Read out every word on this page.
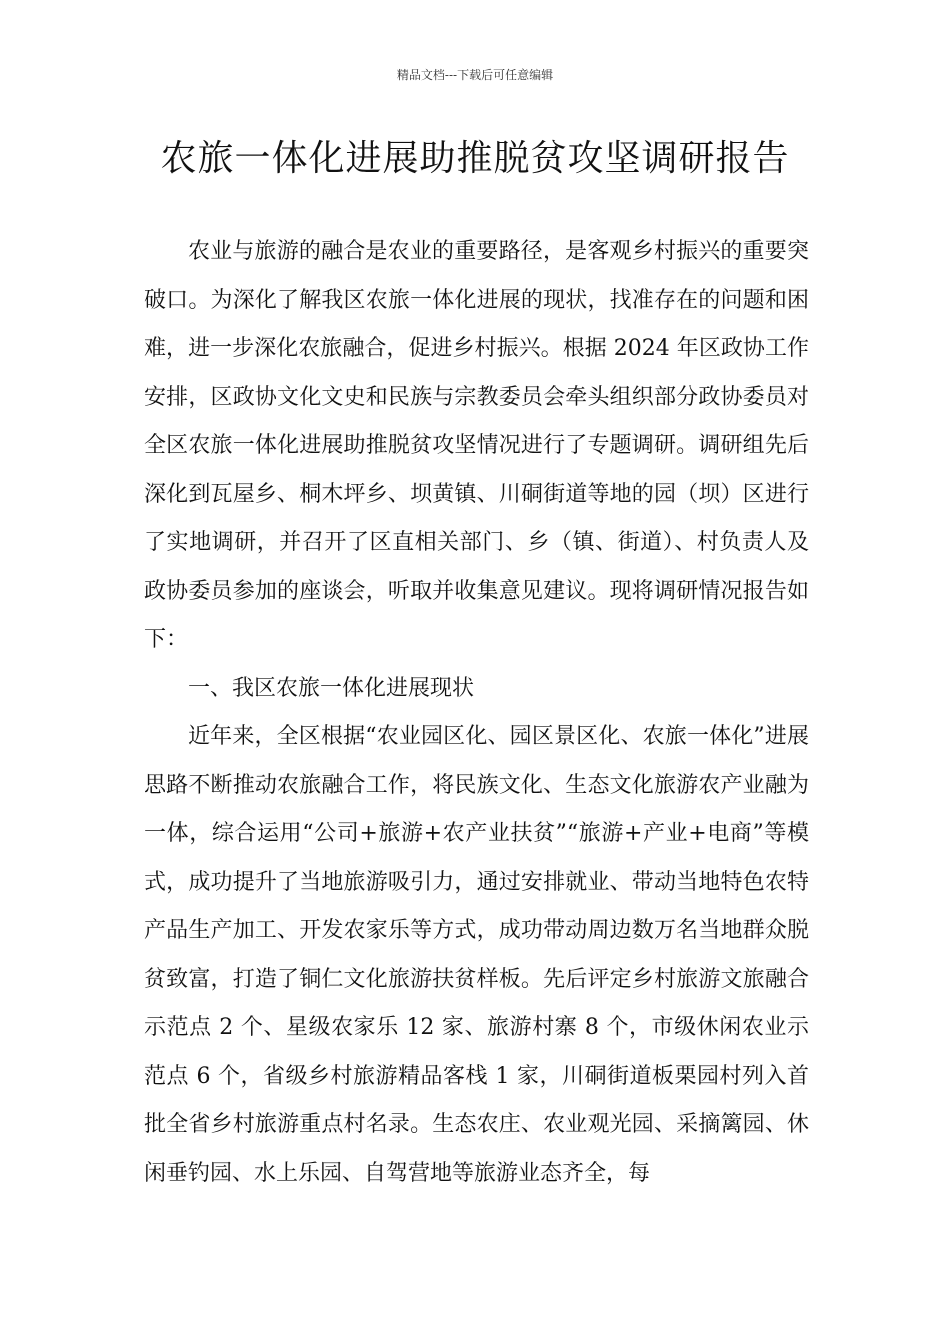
精品文档---下载后可任意编辑
农旅一体化进展助推脱贫攻坚调研报告

农业与旅游的融合是农业的重要路径，是客观乡村振兴的重要突破口。为深化了解我区农旅一体化进展的现状，找准存在的问题和困难，进一步深化农旅融合，促进乡村振兴。根据 2024 年区政协工作安排，区政协文化文史和民族与宗教委员会牵头组织部分政协委员对全区农旅一体化进展助推脱贫攻坚情况进行了专题调研。调研组先后深化到瓦屋乡、桐木坪乡、坝黄镇、川硐街道等地的园（坝）区进行了实地调研，并召开了区直相关部门、乡（镇、街道）、村负责人及政协委员参加的座谈会，听取并收集意见建议。现将调研情况报告如下：

一、我区农旅一体化进展现状

近年来，全区根据“农业园区化、园区景区化、农旅一体化”进展思路不断推动农旅融合工作，将民族文化、生态文化旅游农产业融为一体，综合运用“公司+旅游+农产业扶贫”“旅游+产业+电商”等模式，成功提升了当地旅游吸引力，通过安排就业、带动当地特色农特产品生产加工、开发农家乐等方式，成功带动周边数万名当地群众脱贫致富，打造了铜仁文化旅游扶贫样板。先后评定乡村旅游文旅融合示范点 2 个、星级农家乐 12 家、旅游村寨 8 个，市级休闲农业示范点 6 个，省级乡村旅游精品客栈 1 家，川硐街道板栗园村列入首批全省乡村旅游重点村名录。生态农庄、农业观光园、采摘篱园、休闲垂钓园、水上乐园、自驾营地等旅游业态齐全，每
